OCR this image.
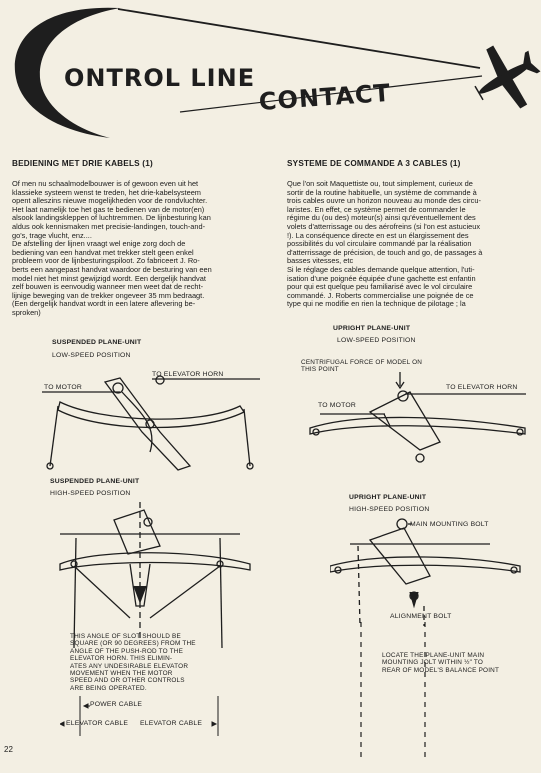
ONTROL LINE
CONTACT
BEDIENING MET DRIE KABELS (1)
Of men nu schaalmodelbouwer is of gewoon even uit het
klassieke systeem wenst te treden, het drie-kabelsysteem
opent alleszins nieuwe mogelijkheden voor de rondvluchter.
Het laat namelijk toe het gas te bedienen van de motor(en)
alsook landingskleppen of luchtremmen. De lijnbesturing kan
aldus ook kennismaken met precisie-landingen, touch-and-
go's, trage vlucht, enz....
De afstelling der lijnen vraagt wel enige zorg doch de
bediening van een handvat met trekker stelt geen enkel
probleem voor de lijnbesturingspiloot. Zo fabriceert J. Ro-
berts een aangepast handvat waardoor de besturing van een
model niet het minst gewijzigd wordt. Een dergelijk handvat
zelf bouwen is eenvoudig wanneer men weet dat de recht-
lijnige beweging van de trekker ongeveer 35 mm bedraagt.
(Een dergelijk handvat wordt in een latere aflevering be-
sproken)
SYSTEME DE COMMANDE A 3 CABLES (1)
Que l'on soit Maquettiste ou, tout simplement, curieux de
sortir de la routine habituelle, un système de commande à
trois cables ouvre un horizon nouveau au monde des circu-
laristes. En effet, ce système permet de commander le
régime du (ou des) moteur(s) ainsi qu'éventuellement des
volets d'atterrissage ou des aérofreins (si l'on est astucieux
!). La conséquence directe en est un élargissement des
possibilités du vol circulaire commandé par la réalisation
d'atterrissage de précision, de touch and go, de passages à
basses vitesses, etc
Si le réglage des cables demande quelque attention, l'uti-
isation d'une poignée équipée d'une gachette est enfantin
pour qui est quelque peu familiarisé avec le vol circulaire
commandé. J. Roberts commercialise une poignée de ce
type qui ne modifie en rien la technique de pilotage ; la
SUSPENDED PLANE-UNIT
LOW-SPEED POSITION
TO MOTOR
TO ELEVATOR HORN
UPRIGHT PLANE-UNIT
LOW-SPEED POSITION
CENTRIFUGAL FORCE OF MODEL ON
THIS POINT
TO MOTOR
TO ELEVATOR HORN
SUSPENDED PLANE-UNIT
HIGH-SPEED POSITION
THIS ANGLE OF SLOT SHOULD BE
SQUARE (OR 90 DEGREES) FROM THE
ANGLE OF THE PUSH-ROD TO THE
ELEVATOR HORN. THIS ELIMIN-
ATES ANY UNDESIRABLE ELEVATOR
MOVEMENT WHEN THE MOTOR
SPEED AND OR OTHER CONTROLS
ARE BEING OPERATED.
POWER CABLE
ELEVATOR CABLE ELEVATOR CABLE
UPRIGHT PLANE-UNIT
HIGH-SPEED POSITION
MAIN MOUNTING BOLT
ALIGNMENT BOLT
LOCATE THE PLANE-UNIT MAIN
MOUNTING JOLT WITHIN ½" TO
REAR OF MODEL'S BALANCE POINT
22
